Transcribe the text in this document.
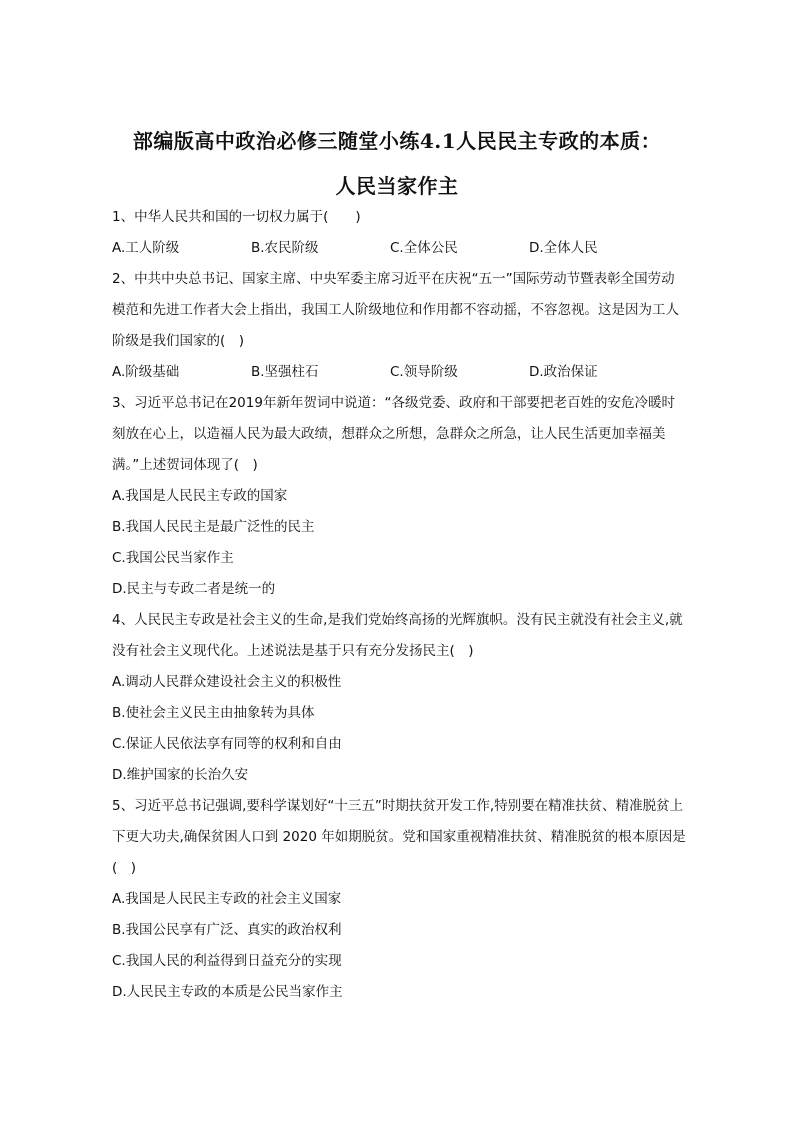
部编版高中政治必修三随堂小练4.1人民民主专政的本质：
人民当家作主

1、中华人民共和国的一切权力属于(　　)

A.工人阶级	B.农民阶级	C.全体公民	D.全体人民

2、中共中央总书记、国家主席、中央军委主席习近平在庆祝“五一”国际劳动节暨表彰全国劳动模范和先进工作者大会上指出，我国工人阶级地位和作用都不容动摇，不容忽视。这是因为工人阶级是我们国家的(　)

A.阶级基础	B.坚强柱石	C.领导阶级	D.政治保证

3、习近平总书记在2019年新年贺词中说道：“各级党委、政府和干部要把老百姓的安危冷暖时刻放在心上，以造福人民为最大政绩，想群众之所想，急群众之所急，让人民生活更加幸福美满。”上述贺词体现了(　)

A.我国是人民民主专政的国家

B.我国人民民主是最广泛性的民主

C.我国公民当家作主

D.民主与专政二者是统一的

4、人民民主专政是社会主义的生命,是我们党始终高扬的光辉旗帜。没有民主就没有社会主义,就没有社会主义现代化。上述说法是基于只有充分发扬民主(　)

A.调动人民群众建设社会主义的积极性

B.使社会主义民主由抽象转为具体

C.保证人民依法享有同等的权利和自由

D.维护国家的长治久安

5、习近平总书记强调,要科学谋划好“十三五”时期扶贫开发工作,特别要在精准扶贫、精准脱贫上下更大功夫,确保贫困人口到 2020 年如期脱贫。党和国家重视精准扶贫、精准脱贫的根本原因是(　)

A.我国是人民民主专政的社会主义国家

B.我国公民享有广泛、真实的政治权利

C.我国人民的利益得到日益充分的实现

D.人民民主专政的本质是公民当家作主
